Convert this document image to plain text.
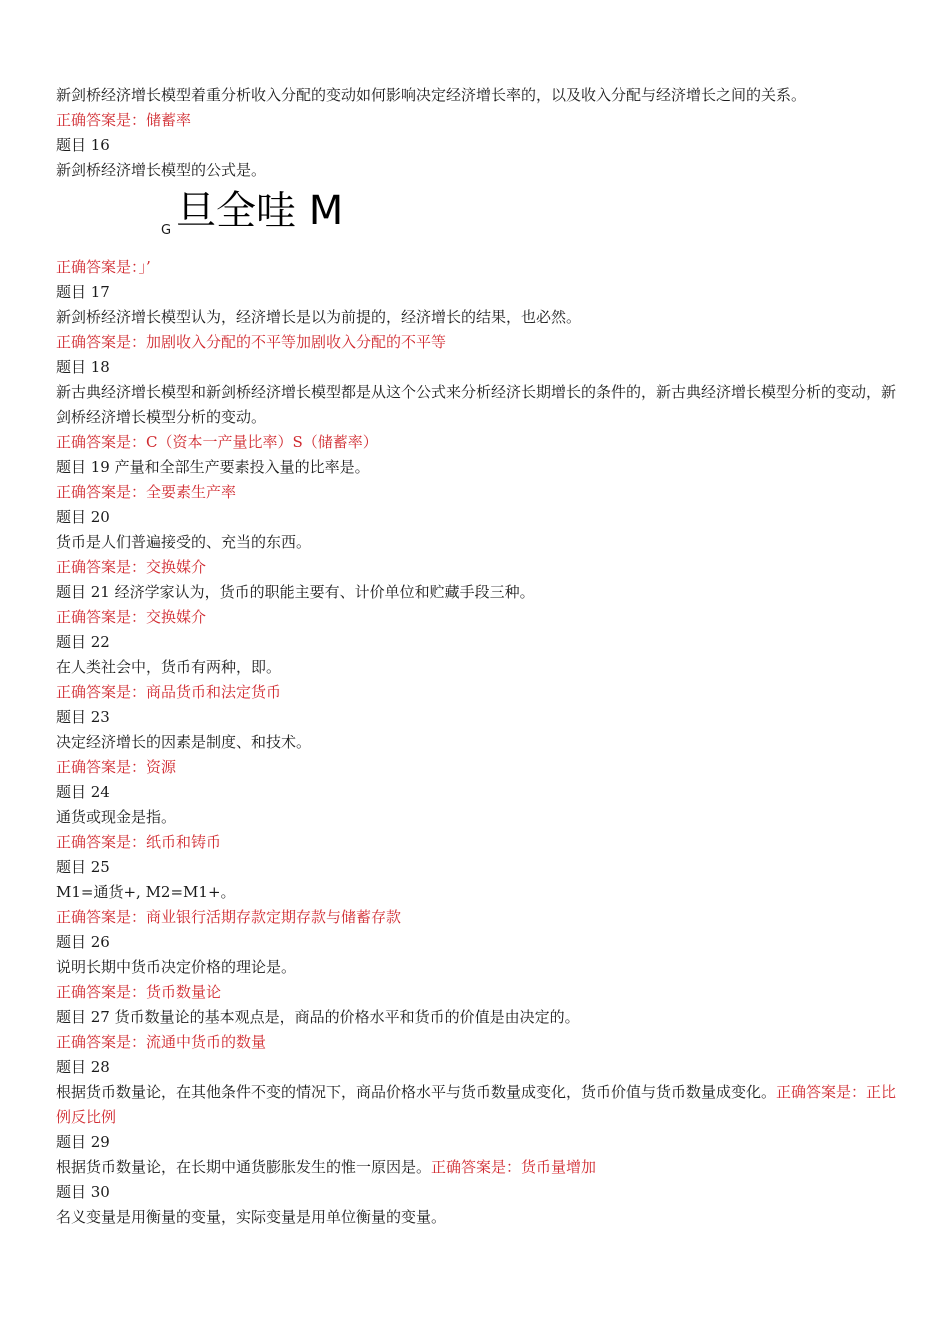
新剑桥经济增长模型着重分析收入分配的变动如何影响决定经济增长率的，以及收入分配与经济增长之间的关系。
正确答案是：储蓄率
题目 16
新剑桥经济增长模型的公式是。
G 旦全哇 M
正确答案是：」’
题目 17
新剑桥经济增长模型认为，经济增长是以为前提的，经济增长的结果，也必然。
正确答案是：加剧收入分配的不平等加剧收入分配的不平等
题目 18
新古典经济增长模型和新剑桥经济增长模型都是从这个公式来分析经济长期增长的条件的，新古典经济增长模型分析的变动，新剑桥经济增长模型分析的变动。
正确答案是：C（资本一产量比率）S（储蓄率）
题目 19 产量和全部生产要素投入量的比率是。
正确答案是：全要素生产率
题目 20
货币是人们普遍接受的、充当的东西。
正确答案是：交换媒介
题目 21 经济学家认为，货币的职能主要有、计价单位和贮藏手段三种。
正确答案是：交换媒介
题目 22
在人类社会中，货币有两种，即。
正确答案是：商品货币和法定货币
题目 23
决定经济增长的因素是制度、和技术。
正确答案是：资源
题目 24
通货或现金是指。
正确答案是：纸币和铸币
题目 25
M1=通货+, M2=M1+。
正确答案是：商业银行活期存款定期存款与储蓄存款
题目 26
说明长期中货币决定价格的理论是。
正确答案是：货币数量论
题目 27 货币数量论的基本观点是，商品的价格水平和货币的价值是由决定的。
正确答案是：流通中货币的数量
题目 28
根据货币数量论，在其他条件不变的情况下，商品价格水平与货币数量成变化，货币价值与货币数量成变化。正确答案是：正比例反比例
题目 29
根据货币数量论，在长期中通货膨胀发生的惟一原因是。正确答案是：货币量增加
题目 30
名义变量是用衡量的变量，实际变量是用单位衡量的变量。
